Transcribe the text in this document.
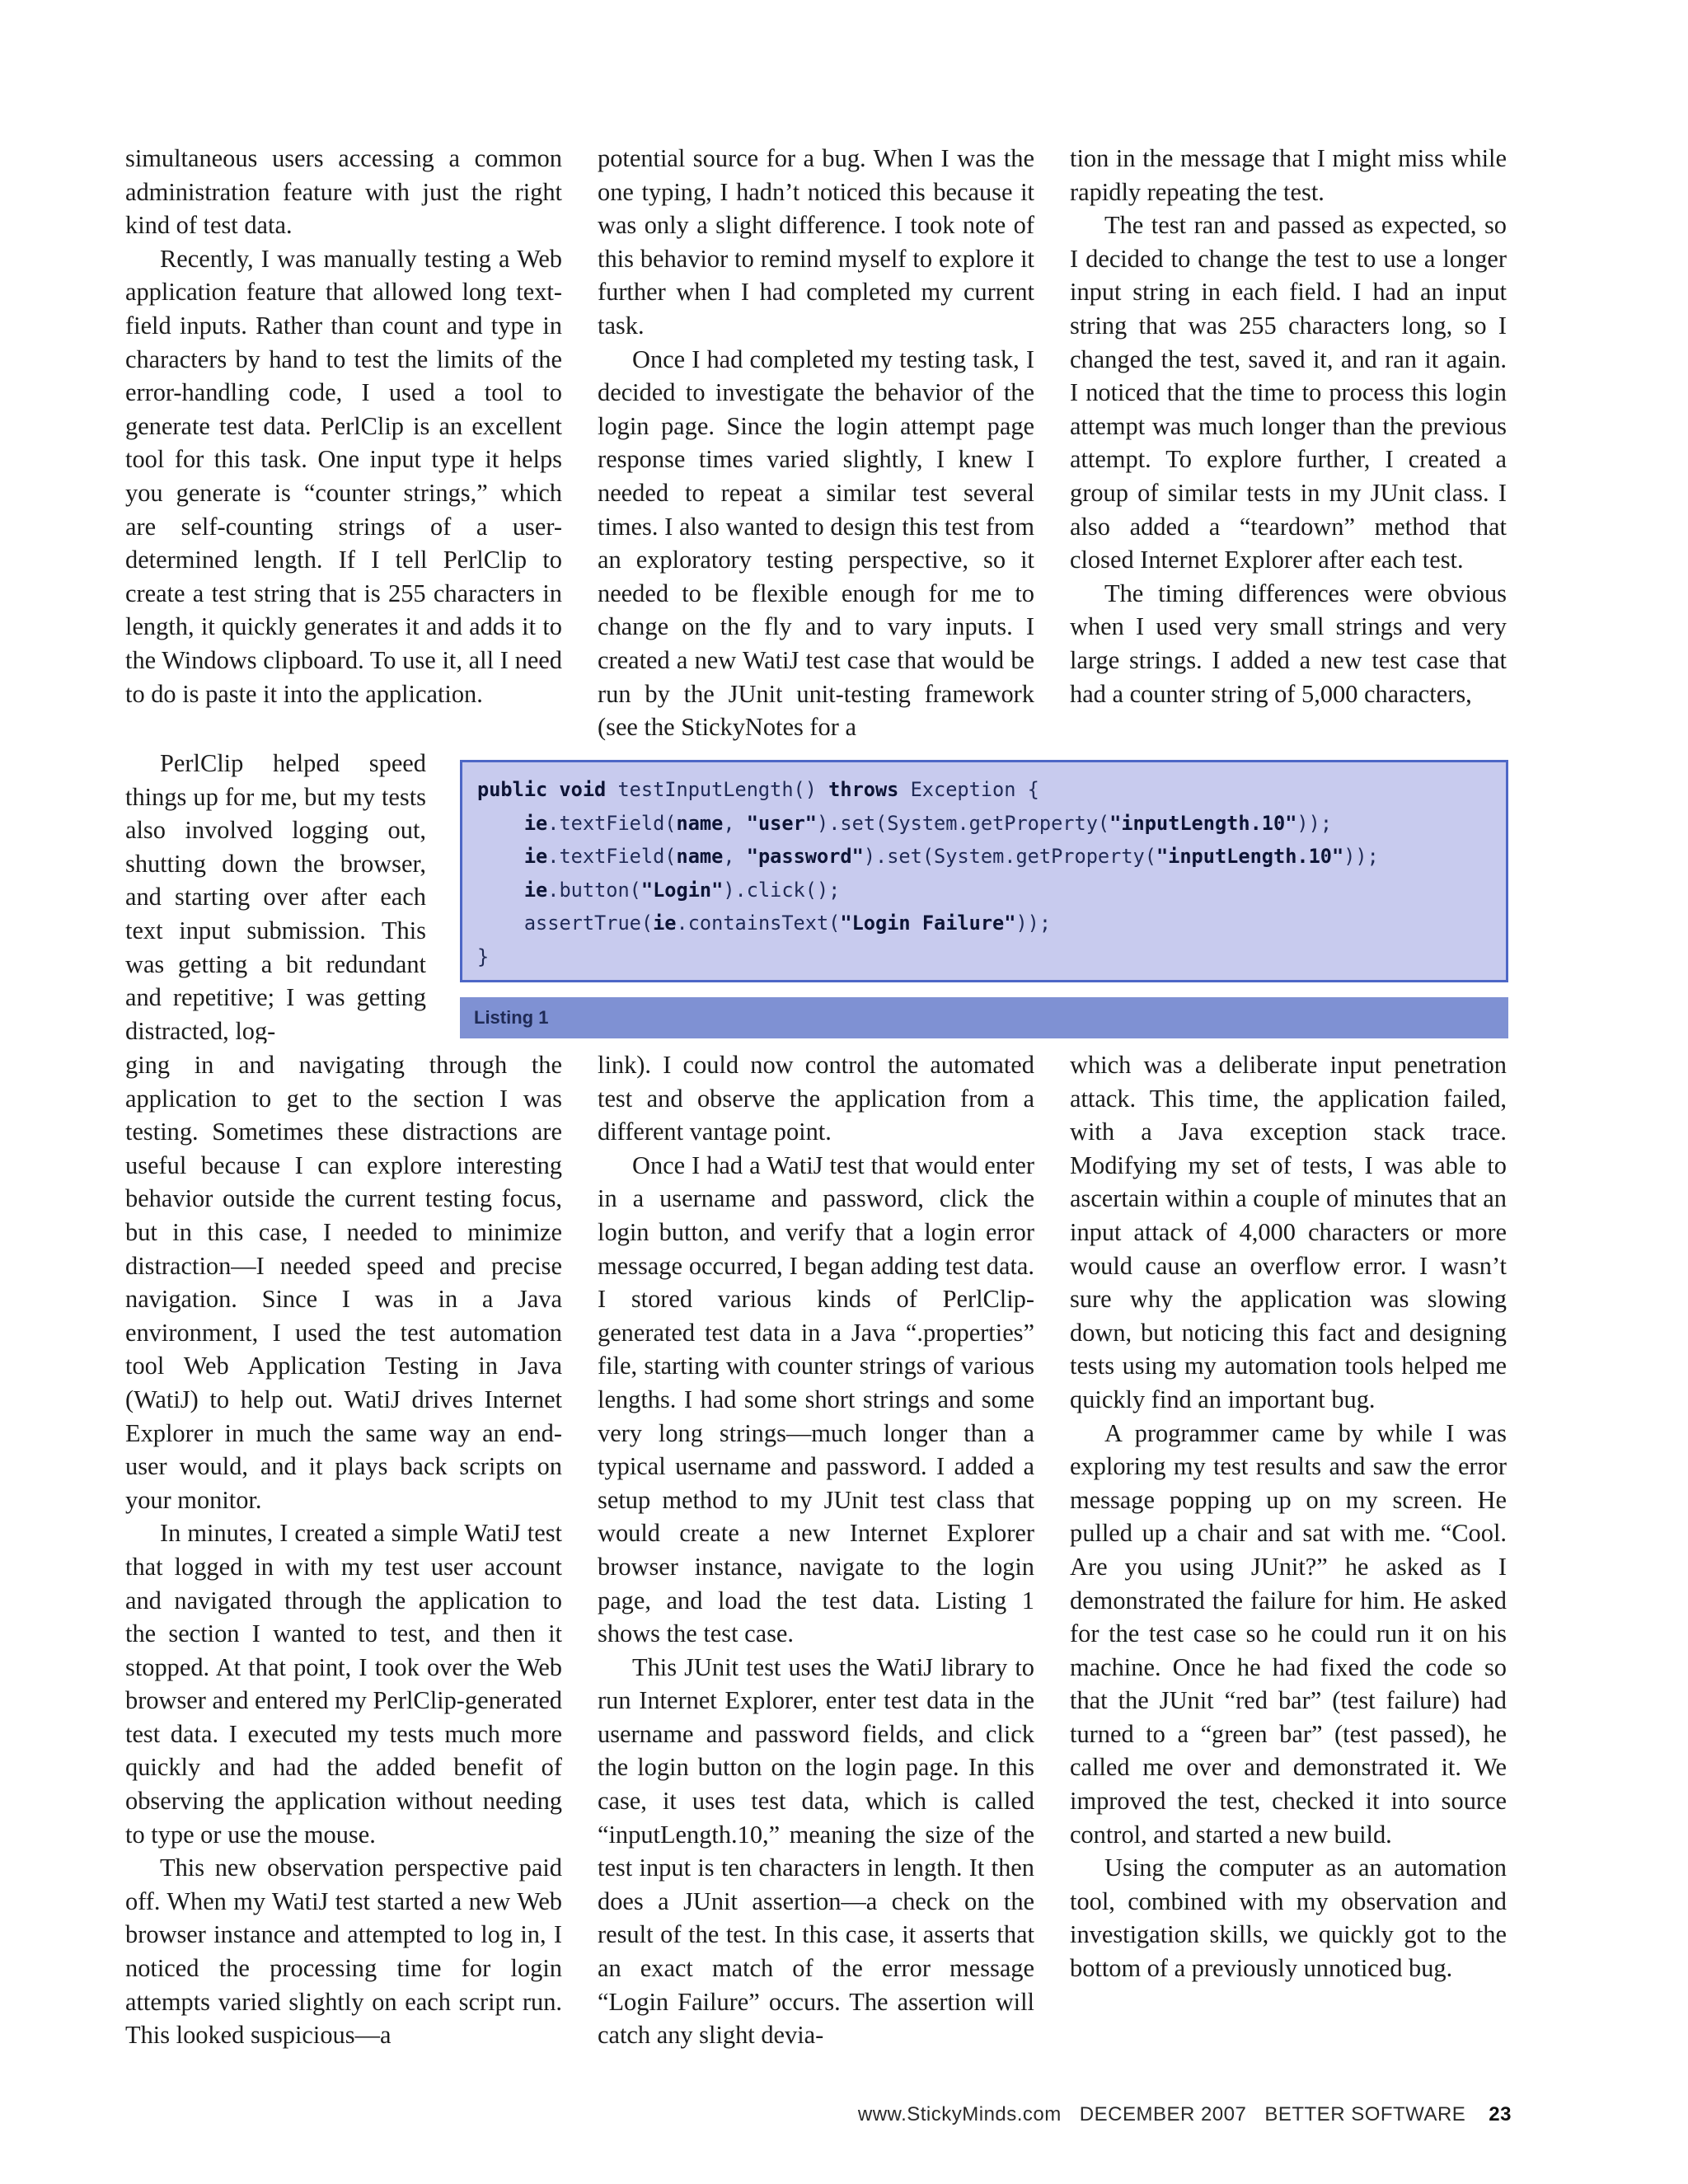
simultaneous users accessing a common administration feature with just the right kind of test data.

Recently, I was manually testing a Web application feature that allowed long text-field inputs. Rather than count and type in characters by hand to test the limits of the error-handling code, I used a tool to generate test data. PerlClip is an excellent tool for this task. One input type it helps you generate is “counter strings,” which are self-counting strings of a user-determined length. If I tell PerlClip to create a test string that is 255 characters in length, it quickly generates it and adds it to the Windows clipboard. To use it, all I need to do is paste it into the application.

PerlClip helped speed things up for me, but my tests also involved logging out, shutting down the browser, and starting over after each text input submission. This was getting a bit redundant and repetitive; I was getting distracted, log-

ging in and navigating through the application to get to the section I was testing. Sometimes these distractions are useful because I can explore interesting behavior outside the current testing focus, but in this case, I needed to minimize distraction—I needed speed and precise navigation. Since I was in a Java environment, I used the test automation tool Web Application Testing in Java (WatiJ) to help out. WatiJ drives Internet Explorer in much the same way an end-user would, and it plays back scripts on your monitor.

In minutes, I created a simple WatiJ test that logged in with my test user account and navigated through the application to the section I wanted to test, and then it stopped. At that point, I took over the Web browser and entered my PerlClip-generated test data. I executed my tests much more quickly and had the added benefit of observing the application without needing to type or use the mouse.

This new observation perspective paid off. When my WatiJ test started a new Web browser instance and attempted to log in, I noticed the processing time for login attempts varied slightly on each script run. This looked suspicious—a

potential source for a bug. When I was the one typing, I hadn’t noticed this because it was only a slight difference. I took note of this behavior to remind myself to explore it further when I had completed my current task.

Once I had completed my testing task, I decided to investigate the behavior of the login page. Since the login attempt page response times varied slightly, I knew I needed to repeat a similar test several times. I also wanted to design this test from an exploratory testing perspective, so it needed to be flexible enough for me to change on the fly and to vary inputs. I created a new WatiJ test case that would be run by the JUnit unit-testing framework (see the StickyNotes for a

link). I could now control the automated test and observe the application from a different vantage point.

Once I had a WatiJ test that would enter in a username and password, click the login button, and verify that a login error message occurred, I began adding test data. I stored various kinds of PerlClip-generated test data in a Java “.properties” file, starting with counter strings of various lengths. I had some short strings and some very long strings—much longer than a typical username and password. I added a setup method to my JUnit test class that would create a new Internet Explorer browser instance, navigate to the login page, and load the test data. Listing 1 shows the test case.

This JUnit test uses the WatiJ library to run Internet Explorer, enter test data in the username and password fields, and click the login button on the login page. In this case, it uses test data, which is called “inputLength.10,” meaning the size of the test input is ten characters in length. It then does a JUnit assertion—a check on the result of the test. In this case, it asserts that an exact match of the error message “Login Failure” occurs. The assertion will catch any slight devia-

tion in the message that I might miss while rapidly repeating the test.

The test ran and passed as expected, so I decided to change the test to use a longer input string in each field. I had an input string that was 255 characters long, so I changed the test, saved it, and ran it again. I noticed that the time to process this login attempt was much longer than the previous attempt. To explore further, I created a group of similar tests in my JUnit class. I also added a “teardown” method that closed Internet Explorer after each test.

The timing differences were obvious when I used very small strings and very large strings. I added a new test case that had a counter string of 5,000 characters,

which was a deliberate input penetration attack. This time, the application failed, with a Java exception stack trace. Modifying my set of tests, I was able to ascertain within a couple of minutes that an input attack of 4,000 characters or more would cause an overflow error. I wasn’t sure why the application was slowing down, but noticing this fact and designing tests using my automation tools helped me quickly find an important bug.

A programmer came by while I was exploring my test results and saw the error message popping up on my screen. He pulled up a chair and sat with me. “Cool. Are you using JUnit?” he asked as I demonstrated the failure for him. He asked for the test case so he could run it on his machine. Once he had fixed the code so that the JUnit “red bar” (test failure) had turned to a “green bar” (test passed), he called me over and demonstrated it. We improved the test, checked it into source control, and started a new build.

Using the computer as an automation tool, combined with my observation and investigation skills, we quickly got to the bottom of a previously unnoticed bug.

public void testInputLength() throws Exception {
ie.textField(name, "user").set(System.getProperty("inputLength.10"));
ie.textField(name, "password").set(System.getProperty("inputLength.10"));
ie.button("Login").click();
assertTrue(ie.containsText("Login Failure"));
}
Listing 1
www.StickyMinds.com DECEMBER 2007 BETTER SOFTWARE 23
